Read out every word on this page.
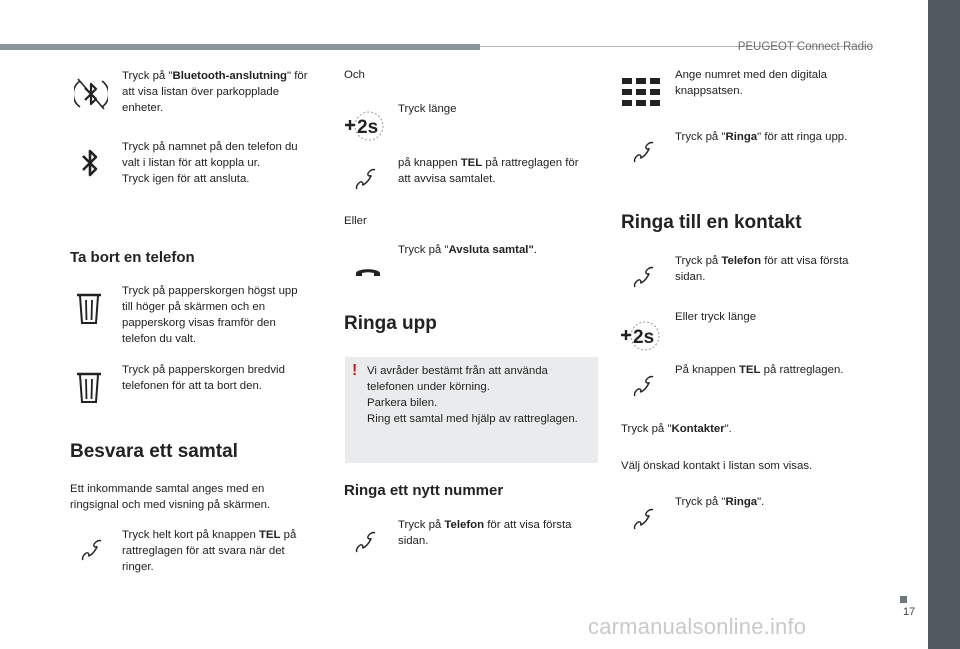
PEUGEOT Connect Radio
17
carmanualsonline.info
Tryck på "Bluetooth-anslutning" för att visa listan över parkopplade enheter.
Tryck på namnet på den telefon du valt i listan för att koppla ur.
Tryck igen för att ansluta.
Ta bort en telefon
Tryck på papperskorgen högst upp till höger på skärmen och en papperskorg visas framför den telefon du valt.
Tryck på papperskorgen bredvid telefonen för att ta bort den.
Besvara ett samtal
Ett inkommande samtal anges med en ringsignal och med visning på skärmen.
Tryck helt kort på knappen TEL på rattreglagen för att svara när det ringer.
Och
2s
Tryck länge
på knappen TEL på rattreglagen för att avvisa samtalet.
Eller
Tryck på "Avsluta samtal".
Ringa upp
! Vi avråder bestämt från att använda telefonen under körning.
Parkera bilen.
Ring ett samtal med hjälp av rattreglagen.
Ringa ett nytt nummer
Tryck på Telefon för att visa första sidan.
Ange numret med den digitala knappsatsen.
Tryck på "Ringa" för att ringa upp.
Ringa till en kontakt
Tryck på Telefon för att visa första sidan.
2s
Eller tryck länge
På knappen TEL på rattreglagen.
Tryck på "Kontakter".
Välj önskad kontakt i listan som visas.
Tryck på "Ringa".
